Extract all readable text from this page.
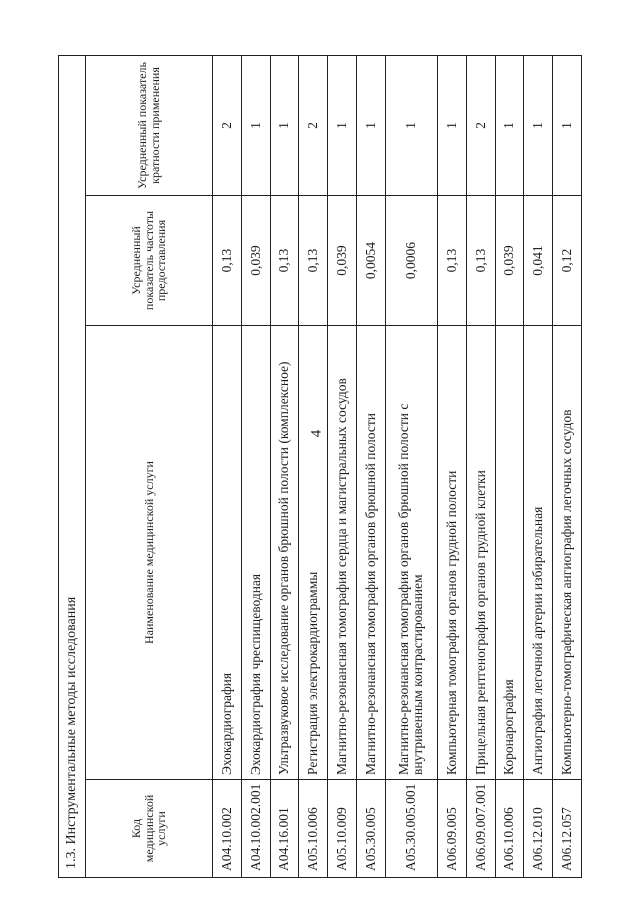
4
1.3. Инструментальные методы исследования			
Код медицинской услуги	Наименование медицинской услуги	Усредненный показатель частоты предоставления	Усредненный показатель кратности применения
A04.10.002	Эхокардиография	0,13	2
A04.10.002.001	Эхокардиография чреспищеводная	0,039	1
A04.16.001	Ультразвуковое исследование органов брюшной полости (комплексное)	0,13	1
A05.10.006	Регистрация электрокардиограммы	0,13	2
A05.10.009	Магнитно-резонансная томография сердца и магистральных сосудов	0,039	1
A05.30.005	Магнитно-резонансная томография органов брюшной полости	0,0054	1
A05.30.005.001	Магнитно-резонансная томография органов брюшной полости с внутривенным контрастированием	0,0006	1
A06.09.005	Компьютерная томография органов грудной полости	0,13	1
A06.09.007.001	Прицельная рентгенография органов грудной клетки	0,13	2
A06.10.006	Коронарография	0,039	1
A06.12.010	Ангиография легочной артерии избирательная	0,041	1
A06.12.057	Компьютерно-томографическая ангиография легочных сосудов	0,12	1
